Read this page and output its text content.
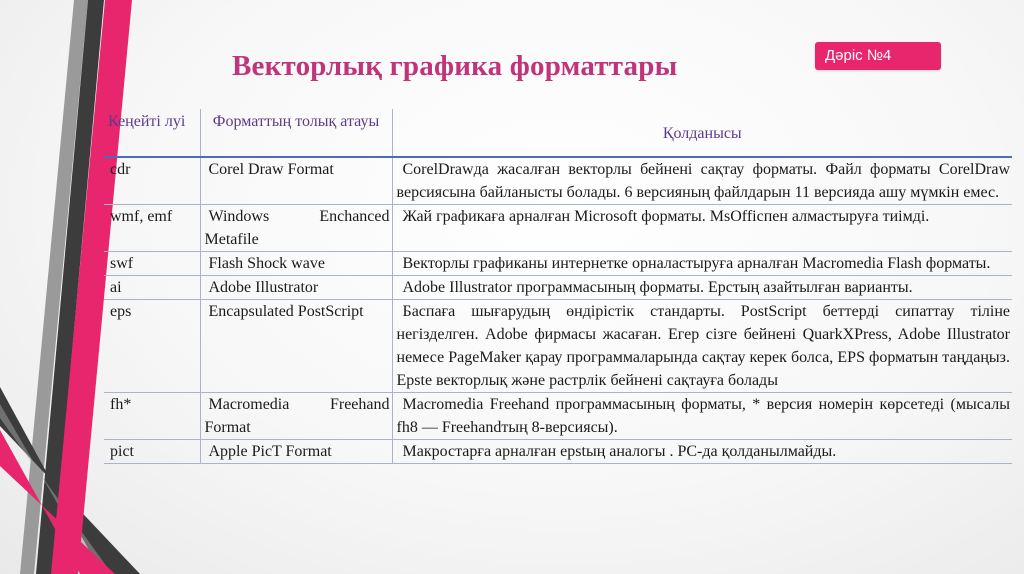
Векторлық графика форматтары	Дәріс №4
Кеңейті луі	Форматтың толық атауы	Қолданысы
cdr	Corel Draw Format	CorelDrawда жасалған векторлы бейнені сақтау форматы. Файл форматы CorelDraw версиясына байланысты болады. 6 версияның файлдарын 11 версияда ашу мүмкін емес.
wmf, emf	Windows Enchanced Metafile	Жай графикаға арналған Microsoft форматы. MsOfficпен алмастыруға тиімді.
swf	Flash Shock wave	Векторлы графиканы интернетке орналастыруға арналған Macromedia Flash форматы.
ai	Adobe Illustrator	Adobe Illustrator программасының форматы. Ерстың азайтылған варианты.
eps	Encapsulated PostScript	Баспаға шығарудың өндірістік стандарты. PostScript беттерді сипаттау тіліне негізделген. Adobe фирмасы жасаған. Егер сізге бейнені QuarkXPress, Adobe Illustrator немесе PageMaker қарау программаларында сақтау керек болса, EPS форматын таңдаңыз. Ерste векторлық және растрлік бейнені сақтауға болады
fh*	Macromedia Freehand Format	Macromedia Freehand программасының форматы, * версия номерін көрсетеді (мысалы fh8 — Freehandтың 8-версиясы).
pict	Apple PicT Format	Макростарға арналған ерstың аналогы . PC-да қолданылмайды.
